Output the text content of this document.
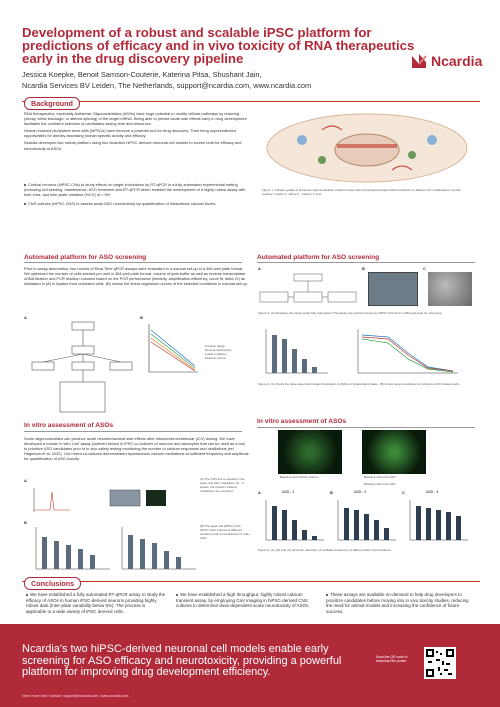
Development of a robust and scalable iPSC platform for predictions of efficacy and in vivo toxicity of RNA therapeutics early in the drug discovery pipeline	Ncardia
Jessica Koepke, Benoit Samson-Couterie, Katerina Pitsa, Shushant Jain,
Ncardia Services BV Leiden, The Netherlands, support@ncardia.com, www.ncardia.com
Background

RNA therapeutics, especially Antisense Oligonucleotides (ASOs) have huge potential to modify cellular pathways by reducing (decay, steric blockage, or altered splicing) of the target mRNA. Being able to predict acute side effects early in drug development facilitates the confident selection of candidates saving time and resources.

Human induced pluripotent stem cells (hiPSCs) have become a powerful tool for drug discovery. Their bring unprecedented opportunities for directly assessing human specific toxicity and efficacy.

Ncardia developed two robust platform using two Ncardia's hiPSC-derived neuronal cell models to screen both for efficacy and neurotoxicity of ASOs

Cortical neurons (hiPSC-CNs) to study effects on target knockdown by RT-qPCR in a fully automated experimental setting (including cell seeding, maintenance, ASO treatment and RT-qPCR which enabled the development of a highly robust assay with both intra- and inter-plate variation (%CV) of < 5%
CNS cultures (hiPSC-CNS) to assess acute ASO neurotoxicity by quantification of intracellular calcium fluxes.
Figure 1. Cellular uptake of antisense oligonucleotides (ASOs) results with physiological targets RNA knockdown or different CP modifications. Further reading: Crooke S., Wang S., Vickers T. et al.
Automated platform for ASO screening
Prior to assay automation, two rounds of Real-Time qPCR assays were evaluated in a manual set-up in a 384-well plate format. We optimized the number of cells seeded per well in 384-well plate format, volume of lysis buffer as well as reverse transcriptase cDNA titration and PCR reaction volumes based on the PCR performance (linearity, amplification efficiency, curve fit, delta Ct) as illustrated in (A) in lysates from untreated cells. (B) shows the linear regression curves of the selected conditions in manual set-up.
A	B
% primer design
Reverse transcription
Lysate conditions
Reaction volume
Automated platform for ASO screening
A	B	C
Figure 3. (A) Illustrates the assay setup fully automated. The assay was performed using a hiPSC-CN line in a 384-well plate for screening.
Figure 4. (A) shows the dose-dependent target knockdown of ASOs on independent plates. (B) shows target knockdown of reference ASO treated wells.
In vitro assessment of ASOs
Some oligonucleotides can produce acute neurobehavioral side effects after intracerebroventricular (ICV) dosing. We have developed a human in vitro CaV assay (outlined below) in iPSC co-cultures of neurons and astrocytes that can be used as a tool to prioritize ASO candidates prior to in vivo safety testing monitoring the number of calcium responses and oscillations (ref. Hagedorn et al. 2022). Our mixed co-cultures demonstrated spontaneous calcium oscillations at sufficient frequency and amplitude for quantification of ASO toxicity.
A	(A) The CNS line is seeded in the plate, and after maturation for ~4 weeks, the culture's calcium oscillations are recorded.
B
(B) The peak rate (BPM) of the hiPSC-CNS cultures at different durations and concentrations of Ca2+ ASO.
In vitro assessment of ASOs
Baseline and Vehicle Control	Baseline with toxic ASO
Baseline with toxic ASO
A	B	C
ASO - 1	ASO - 2	ASO - 3
Figure 5. (A), (B) and (C) show the reduction of oscillation frequency at different ASO concentrations.
Conclusions
We have established a fully automated RT-qPCR assay to study the efficacy of ASOs in human iPSC-derived neurons providing highly robust data (inter-plate variability below 5%). The process is applicable to a wide variety of iPSC derived cells.
We have established a high throughput, highly robust calcium transient assay, by employing CaV imaging in hiPSC-derived CNS cultures to determine dose-dependent acute neurotoxicity of ASOs.
These assays are available on-demand to help drug developers to prioritize candidates before moving into in vivo toxicity studies, reducing the need for animal models and increasing the confidence of future success.
Ncardia's two hiPSC-derived neuronal cell models enable early screening for ASO efficacy and neurotoxicity, providing a powerful platform for improving drug development efficiency.
Need more info? contact: support@ncardia.com, www.ncardia.com
Scan the QR code to download the poster
